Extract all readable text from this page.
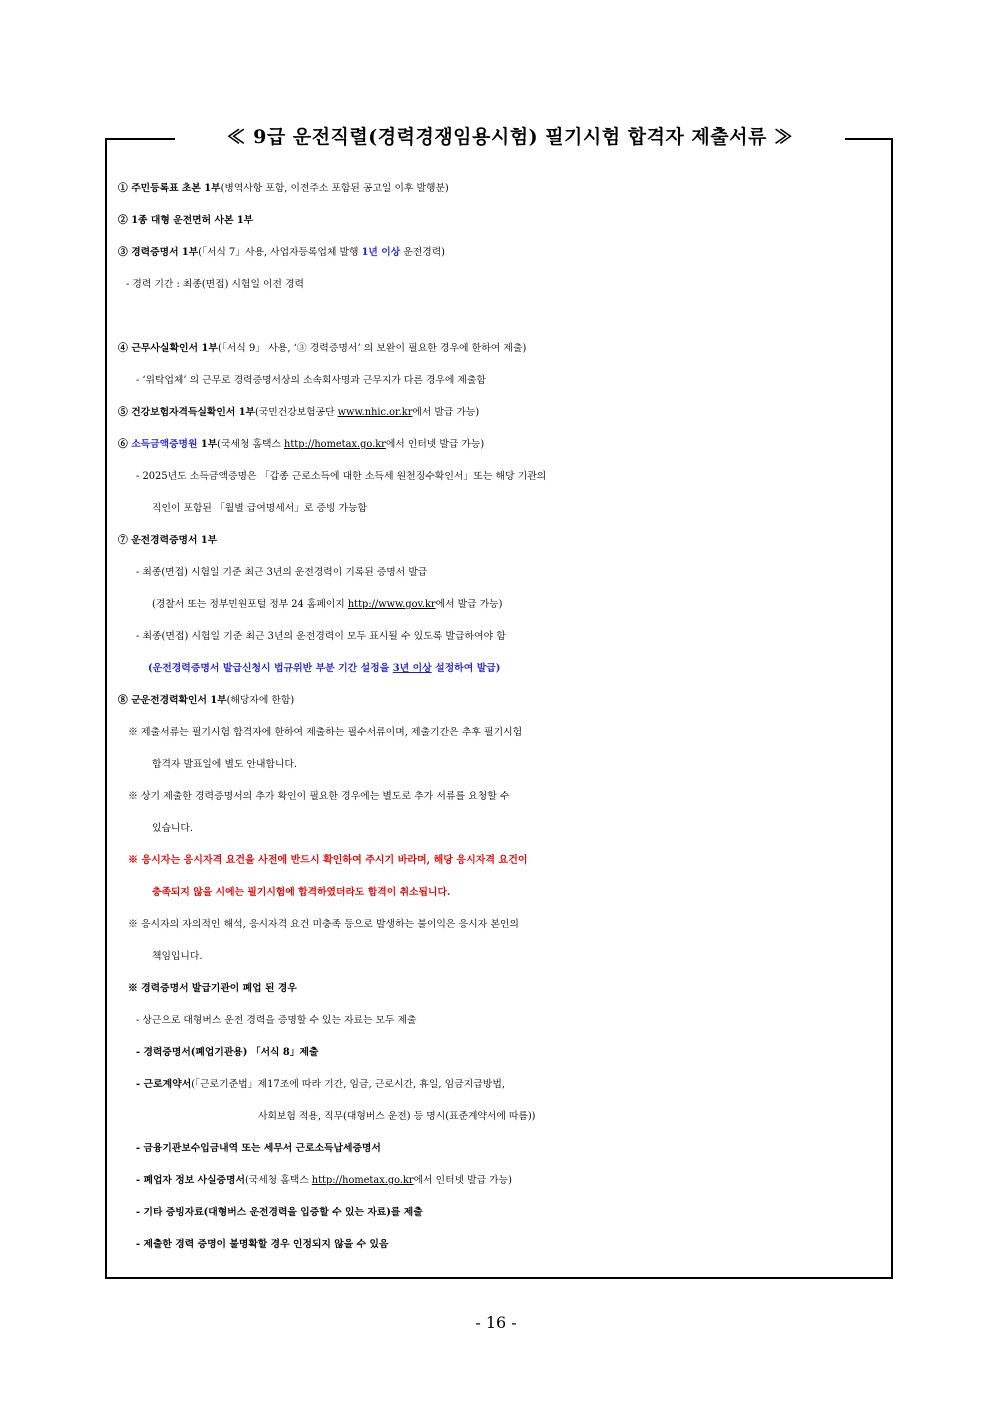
≪ 9급 운전직렬(경력경쟁임용시험) 필기시험 합격자 제출서류 ≫
① 주민등록표 초본 1부(병역사항 포함, 이전주소 포함된 공고일 이후 발행분)
② 1종 대형 운전면허 사본 1부
③ 경력증명서 1부(「서식 7」사용, 사업자등록업체 발행 1년 이상 운전경력)
- 경력 기간 : 최종(면접) 시험일 이전 경력
④ 근무사실확인서 1부(「서식 9」 사용, ‘③ 경력증명서’ 의 보완이 필요한 경우에 한하여 제출)
- ‘위탁업체’ 의 근무로 경력증명서상의 소속회사명과 근무지가 다른 경우에 제출함
⑤ 건강보험자격득실확인서 1부(국민건강보험공단 www.nhic.or.kr에서 발급 가능)
⑥ 소득금액증명원 1부(국세청 홈택스 http://hometax.go.kr에서 인터넷 발급 가능)
- 2025년도 소득금액증명은 「갑종 근로소득에 대한 소득세 원천징수확인서」또는 해당 기관의
직인이 포함된 「월별 급여명세서」로 증빙 가능함
⑦ 운전경력증명서 1부
- 최종(면접) 시험일 기준 최근 3년의 운전경력이 기록된 증명서 발급
(경찰서 또는 정부민원포털 정부 24 홈페이지 http://www.gov.kr에서 발급 가능)
- 최종(면접) 시험일 기준 최근 3년의 운전경력이 모두 표시될 수 있도록 발급하여야 함
(운전경력증명서 발급신청시 법규위반 부분 기간 설정을 3년 이상 설정하여 발급)
⑧ 군운전경력확인서 1부(해당자에 한함)
※ 제출서류는 필기시험 합격자에 한하여 제출하는 필수서류이며, 제출기간은 추후 필기시험
합격자 발표일에 별도 안내합니다.
※ 상기 제출한 경력증명서의 추가 확인이 필요한 경우에는 별도로 추가 서류를 요청할 수
있습니다.
※ 응시자는 응시자격 요건을 사전에 반드시 확인하여 주시기 바라며, 해당 응시자격 요건이
충족되지 않을 시에는 필기시험에 합격하였더라도 합격이 취소됩니다.
※ 응시자의 자의적인 해석, 응시자격 요건 미충족 등으로 발생하는 불이익은 응시자 본인의
책임입니다.
※ 경력증명서 발급기관이 폐업 된 경우
- 상근으로 대형버스 운전 경력을 증명할 수 있는 자료는 모두 제출
- 경력증명서(폐업기관용) 「서식 8」제출
- 근로계약서(「근로기준법」제17조에 따라 기간, 임금, 근로시간, 휴일, 임금지급방법,
사회보험 적용, 직무(대형버스 운전) 등 명시(표준계약서에 따름))
- 금융기관보수입금내역 또는 세무서 근로소득납세증명서
- 폐업자 정보 사실증명서(국세청 홈택스 http://hometax.go.kr에서 인터넷 발급 가능)
- 기타 증빙자료(대형버스 운전경력을 입증할 수 있는 자료)를 제출
- 제출한 경력 증명이 불명확할 경우 인정되지 않을 수 있음
- 16 -
